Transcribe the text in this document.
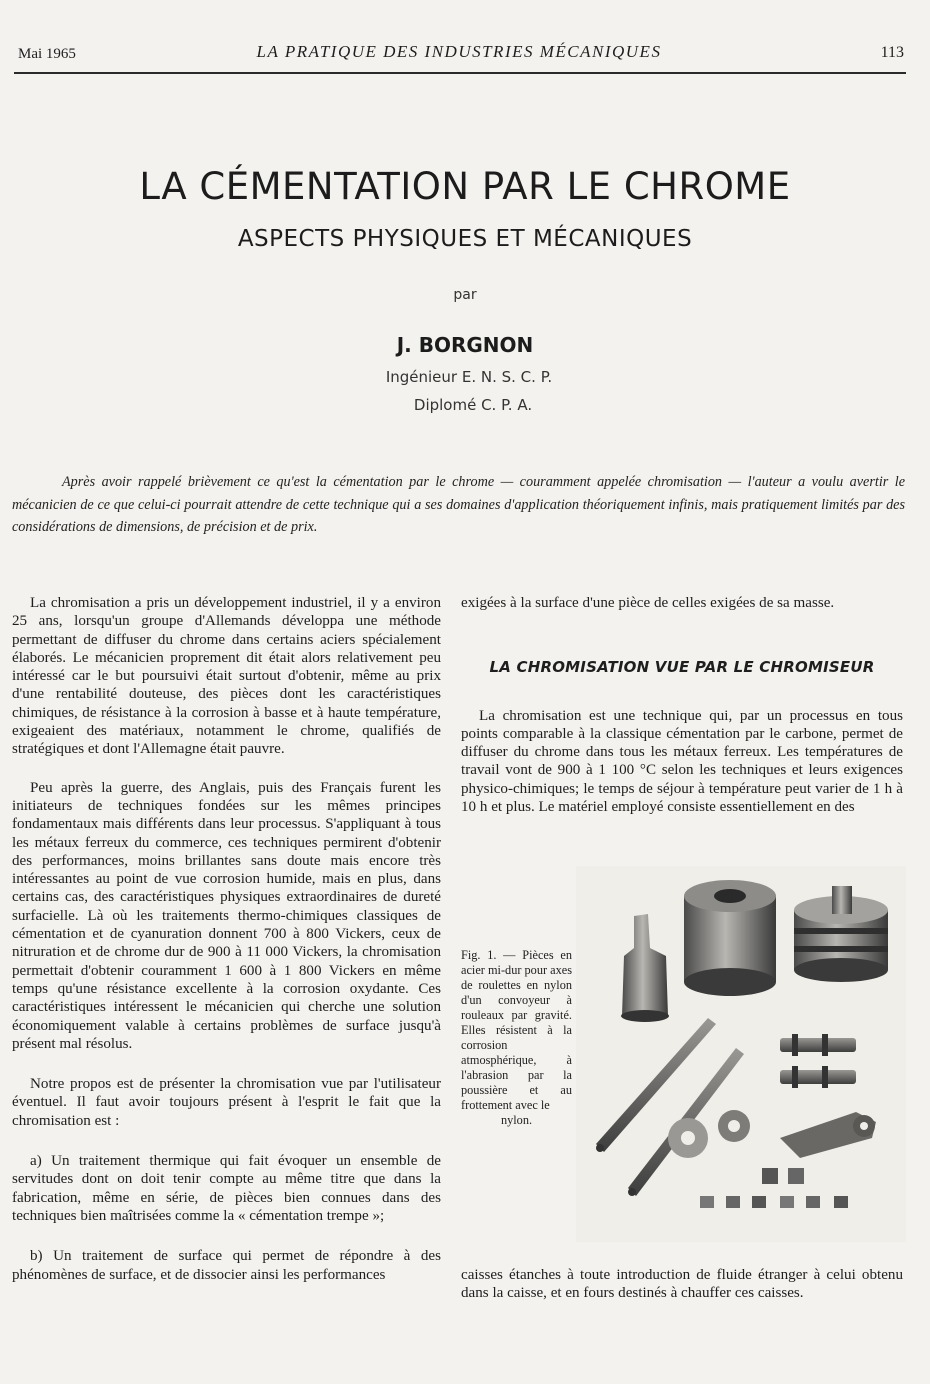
Mai 1965	LA PRATIQUE DES INDUSTRIES MÉCANIQUES	113
LA CÉMENTATION PAR LE CHROME
ASPECTS PHYSIQUES ET MÉCANIQUES
par
J. BORGNON
Ingénieur E. N. S. C. P.
Diplomé C. P. A.
Après avoir rappelé brièvement ce qu'est la cémentation par le chrome — couramment appelée chromisation — l'auteur a voulu avertir le mécanicien de ce que celui-ci pourrait attendre de cette technique qui a ses domaines d'application théoriquement infinis, mais pratiquement limités par des considérations de dimensions, de précision et de prix.

La chromisation a pris un développement industriel, il y a environ 25 ans, lorsqu'un groupe d'Allemands développa une méthode permettant de diffuser du chrome dans certains aciers spécialement élaborés. Le mécanicien proprement dit était alors relativement peu intéressé car le but poursuivi était surtout d'obtenir, même au prix d'une rentabilité douteuse, des pièces dont les caractéristiques chimiques, de résistance à la corrosion à basse et à haute température, exigeaient des matériaux, notamment le chrome, qualifiés de stratégiques et dont l'Allemagne était pauvre.

Peu après la guerre, des Anglais, puis des Français furent les initiateurs de techniques fondées sur les mêmes principes fondamentaux mais différents dans leur processus. S'appliquant à tous les métaux ferreux du commerce, ces techniques permirent d'obtenir des performances, moins brillantes sans doute mais encore très intéressantes au point de vue corrosion humide, mais en plus, dans certains cas, des caractéristiques physiques extraordinaires de dureté surfacielle. Là où les traitements thermo-chimiques classiques de cémentation et de cyanuration donnent 700 à 800 Vickers, ceux de nitruration et de chrome dur de 900 à 11 000 Vickers, la chromisation permettait d'obtenir couramment 1 600 à 1 800 Vickers en même temps qu'une résistance excellente à la corrosion oxydante. Ces caractéristiques intéressent le mécanicien qui cherche une solution économiquement valable à certains problèmes de surface jusqu'à présent mal résolus.

Notre propos est de présenter la chromisation vue par l'utilisateur éventuel. Il faut avoir toujours présent à l'esprit le fait que la chromisation est :

a) Un traitement thermique qui fait évoquer un ensemble de servitudes dont on doit tenir compte au même titre que dans la fabrication, même en série, de pièces bien connues dans des techniques bien maîtrisées comme la « cémentation trempe »;

b) Un traitement de surface qui permet de répondre à des phénomènes de surface, et de dissocier ainsi les performances

exigées à la surface d'une pièce de celles exigées de sa masse.

LA CHROMISATION VUE PAR LE CHROMISEUR

La chromisation est une technique qui, par un processus en tous points comparable à la classique cémentation par le carbone, permet de diffuser du chrome dans tous les métaux ferreux. Les températures de travail vont de 900 à 1 100 °C selon les techniques et leurs exigences physico-chimiques; le temps de séjour à température peut varier de 1 h à 10 h et plus. Le matériel employé consiste essentiellement en des

Fig. 1. — Pièces en acier mi-dur pour axes de roulettes en nylon d'un convoyeur à rouleaux par gravité. Elles résistent à la corrosion atmosphérique, à l'abrasion par la poussière et au frottement avec le
nylon.

caisses étanches à toute introduction de fluide étranger à celui obtenu dans la caisse, et en fours destinés à chauffer ces caisses.
